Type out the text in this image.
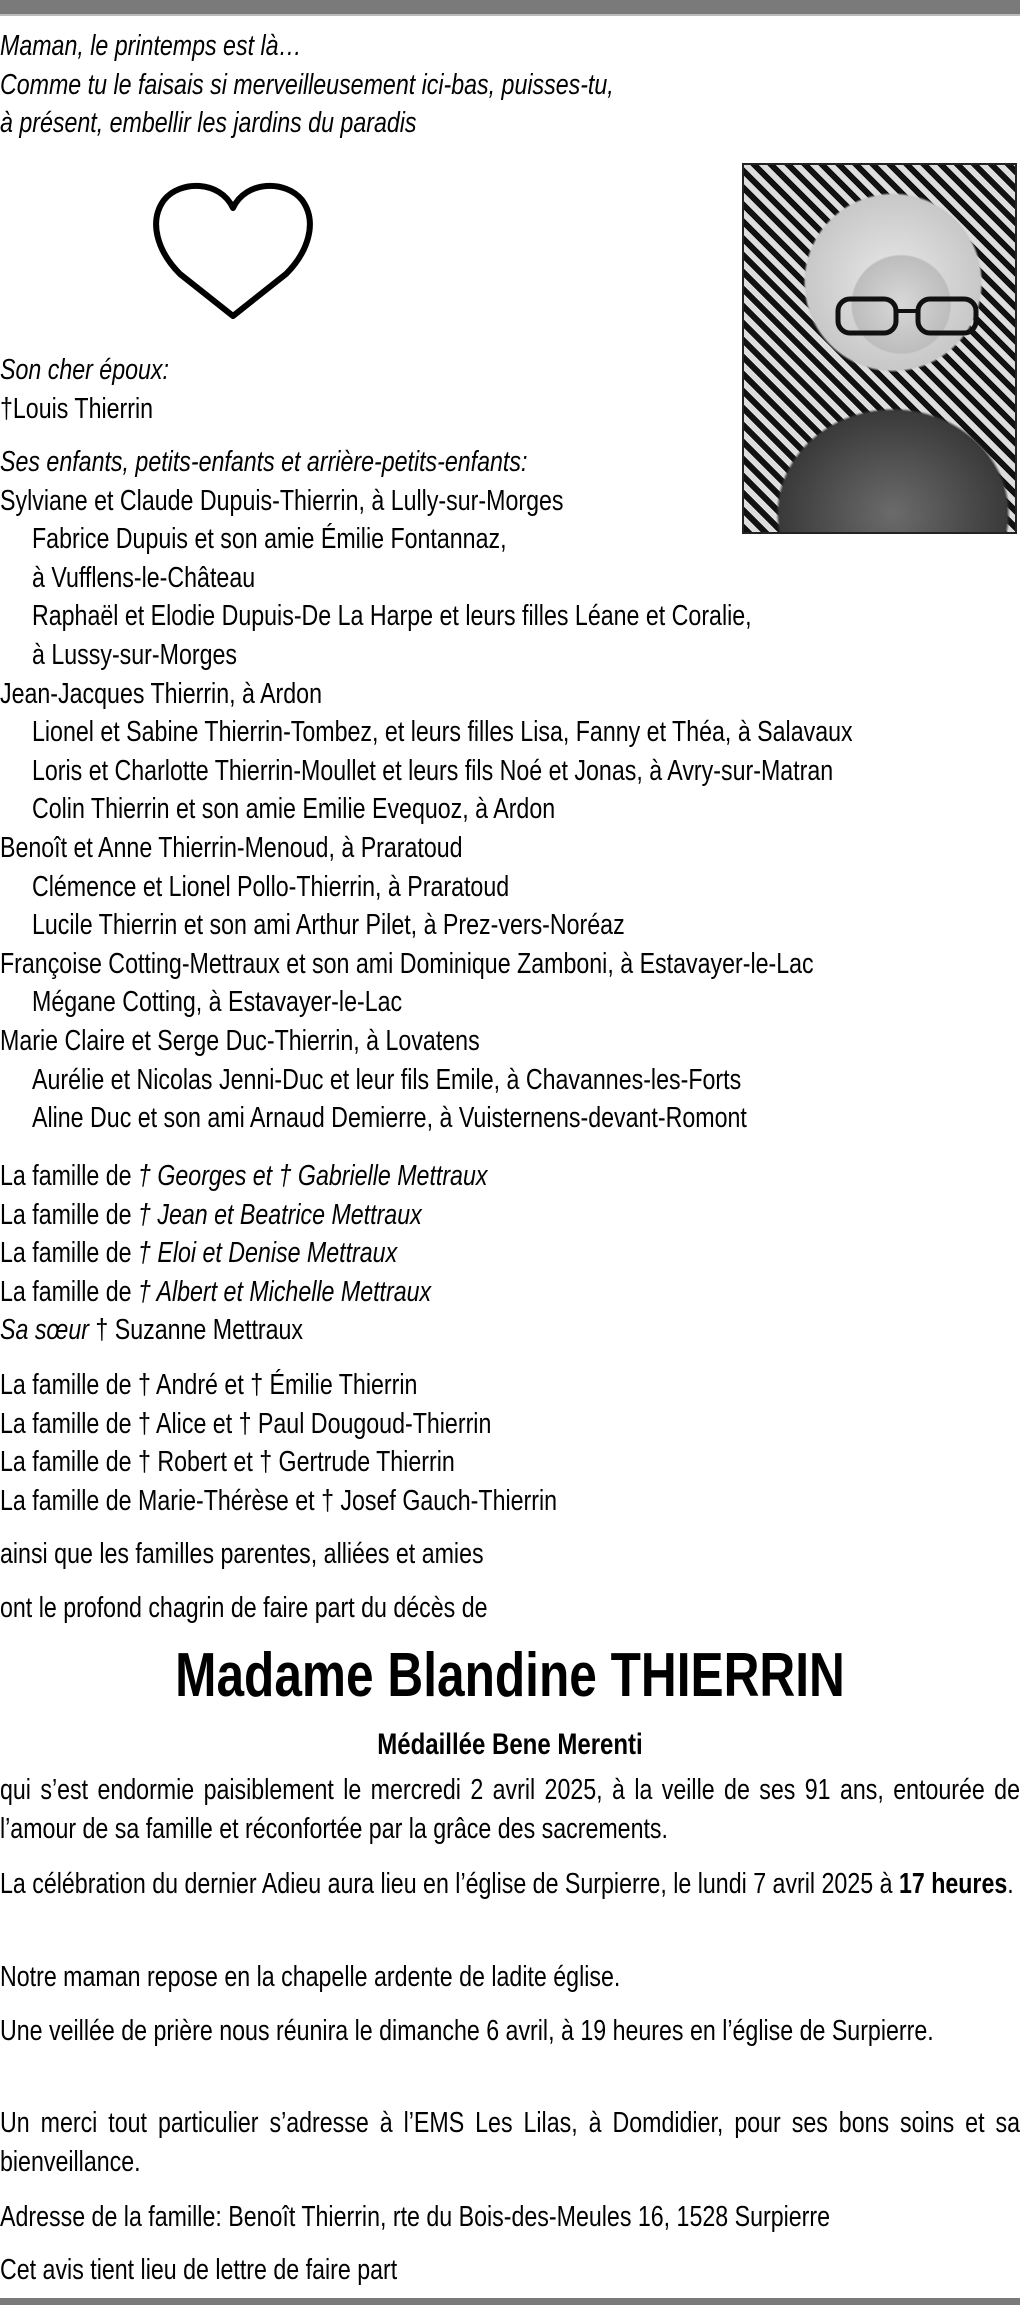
Maman, le printemps est là…
Comme tu le faisais si merveilleusement ici-bas, puisses-tu,
à présent, embellir les jardins du paradis
Son cher époux:
†Louis Thierrin
Ses enfants, petits-enfants et arrière-petits-enfants:
Sylviane et Claude Dupuis-Thierrin, à Lully-sur-Morges
Fabrice Dupuis et son amie Émilie Fontannaz,
à Vufflens-le-Château
Raphaël et Elodie Dupuis-De La Harpe et leurs filles Léane et Coralie,
à Lussy-sur-Morges
Jean-Jacques Thierrin, à Ardon
Lionel et Sabine Thierrin-Tombez, et leurs filles Lisa, Fanny et Théa, à Salavaux
Loris et Charlotte Thierrin-Moullet et leurs fils Noé et Jonas, à Avry-sur-Matran
Colin Thierrin et son amie Emilie Evequoz, à Ardon
Benoît et Anne Thierrin-Menoud, à Praratoud
Clémence et Lionel Pollo-Thierrin, à Praratoud
Lucile Thierrin et son ami Arthur Pilet, à Prez-vers-Noréaz
Françoise Cotting-Mettraux et son ami Dominique Zamboni, à Estavayer-le-Lac
Mégane Cotting, à Estavayer-le-Lac
Marie Claire et Serge Duc-Thierrin, à Lovatens
Aurélie et Nicolas Jenni-Duc et leur fils Emile, à Chavannes-les-Forts
Aline Duc et son ami Arnaud Demierre, à Vuisternens-devant-Romont
La famille de † Georges et † Gabrielle Mettraux
La famille de † Jean et Beatrice Mettraux
La famille de † Eloi et Denise Mettraux
La famille de † Albert et Michelle Mettraux
Sa sœur † Suzanne Mettraux
La famille de † André et † Émilie Thierrin
La famille de † Alice et † Paul Dougoud-Thierrin
La famille de † Robert et † Gertrude Thierrin
La famille de Marie-Thérèse et † Josef Gauch-Thierrin
ainsi que les familles parentes, alliées et amies
ont le profond chagrin de faire part du décès de
Madame Blandine THIERRIN
Médaillée Bene Merenti
qui s’est endormie paisiblement le mercredi 2 avril 2025, à la veille de ses 91 ans, entourée de l’amour de sa famille et réconfortée par la grâce des sacrements.
La célébration du dernier Adieu aura lieu en l’église de Surpierre, le lundi 7 avril 2025 à 17 heures.
Notre maman repose en la chapelle ardente de ladite église.
Une veillée de prière nous réunira le dimanche 6 avril, à 19 heures en l’église de Surpierre.
Un merci tout particulier s’adresse à l’EMS Les Lilas, à Domdidier, pour ses bons soins et sa bienveillance.
Adresse de la famille: Benoît Thierrin, rte du Bois-des-Meules 16, 1528 Surpierre
Cet avis tient lieu de lettre de faire part
